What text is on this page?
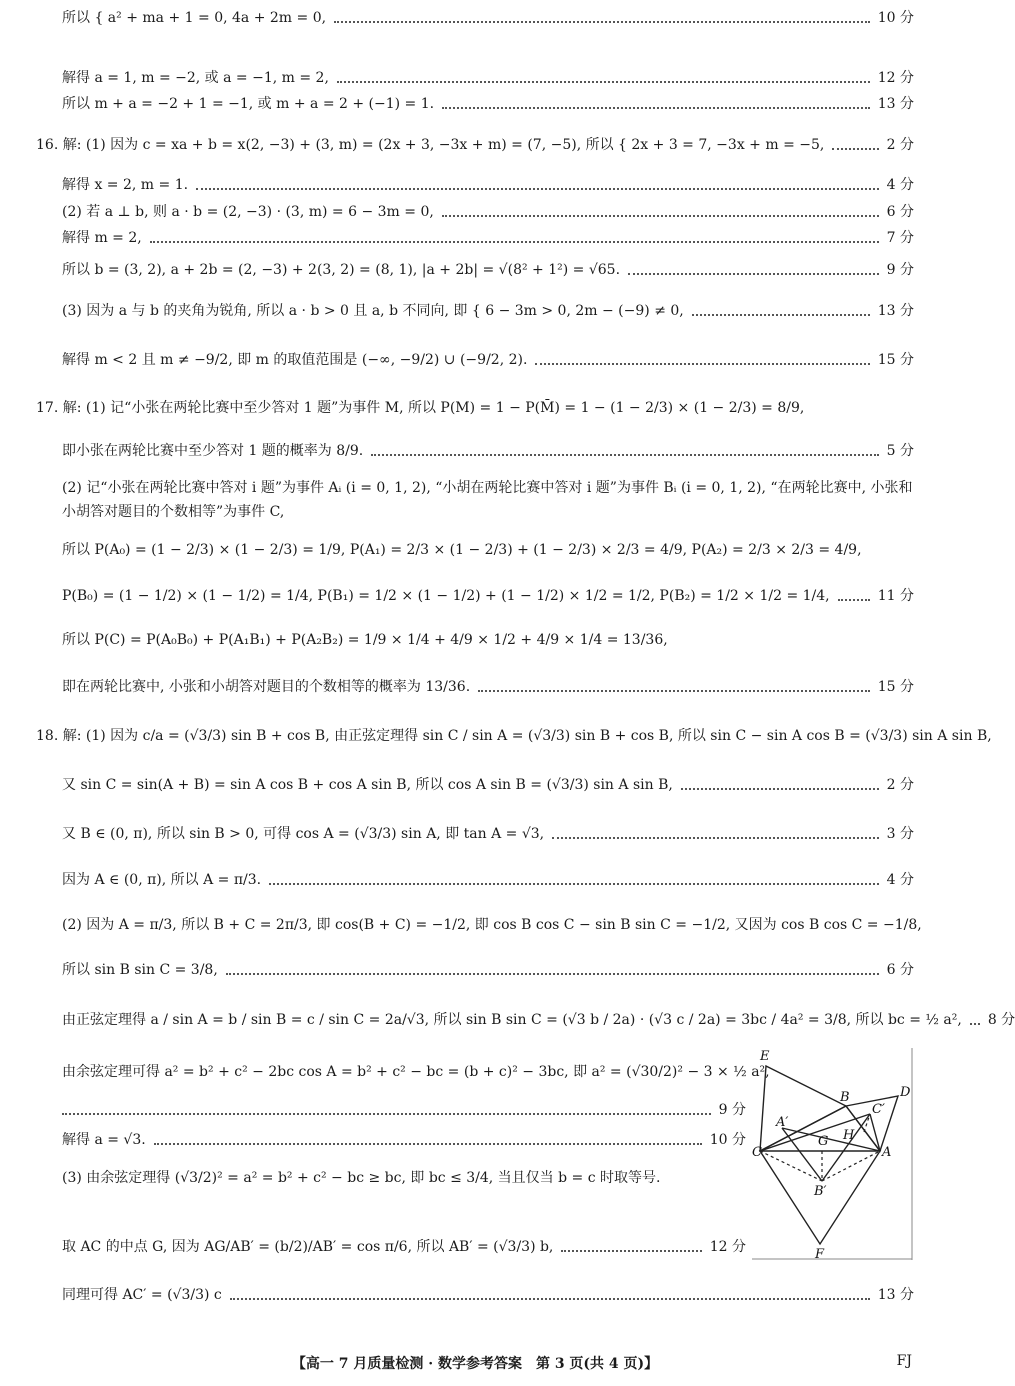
所以 { a² + ma + 1 = 0, 4a + 2m = 0,	10 分
解得 a = 1, m = −2, 或 a = −1, m = 2,	12 分
所以 m + a = −2 + 1 = −1, 或 m + a = 2 + (−1) = 1.	13 分
16. 解: (1) 因为 c = xa + b = x(2, −3) + (3, m) = (2x + 3, −3x + m) = (7, −5), 所以 { 2x + 3 = 7, −3x + m = −5,	2 分
解得 x = 2, m = 1.	4 分
(2) 若 a ⊥ b, 则 a · b = (2, −3) · (3, m) = 6 − 3m = 0,	6 分
解得 m = 2,	7 分
所以 b = (3, 2), a + 2b = (2, −3) + 2(3, 2) = (8, 1), |a + 2b| = √(8² + 1²) = √65.	9 分
(3) 因为 a 与 b 的夹角为锐角, 所以 a · b > 0 且 a, b 不同向, 即 { 6 − 3m > 0, 2m − (−9) ≠ 0,	13 分
解得 m < 2 且 m ≠ −9/2, 即 m 的取值范围是 (−∞, −9/2) ∪ (−9/2, 2).	15 分
17. 解: (1) 记“小张在两轮比赛中至少答对 1 题”为事件 M, 所以 P(M) = 1 − P(M̄) = 1 − (1 − 2/3) × (1 − 2/3) = 8/9,
即小张在两轮比赛中至少答对 1 题的概率为 8/9.	5 分
(2) 记“小张在两轮比赛中答对 i 题”为事件 Aᵢ (i = 0, 1, 2), “小胡在两轮比赛中答对 i 题”为事件 Bᵢ (i = 0, 1, 2), “在两轮比赛中, 小张和小胡答对题目的个数相等”为事件 C,
所以 P(A₀) = (1 − 2/3) × (1 − 2/3) = 1/9, P(A₁) = 2/3 × (1 − 2/3) + (1 − 2/3) × 2/3 = 4/9, P(A₂) = 2/3 × 2/3 = 4/9,
P(B₀) = (1 − 1/2) × (1 − 1/2) = 1/4, P(B₁) = 1/2 × (1 − 1/2) + (1 − 1/2) × 1/2 = 1/2, P(B₂) = 1/2 × 1/2 = 1/4,	11 分
所以 P(C) = P(A₀B₀) + P(A₁B₁) + P(A₂B₂) = 1/9 × 1/4 + 4/9 × 1/2 + 4/9 × 1/4 = 13/36,
即在两轮比赛中, 小张和小胡答对题目的个数相等的概率为 13/36.	15 分
18. 解: (1) 因为 c/a = (√3/3) sin B + cos B, 由正弦定理得 sin C / sin A = (√3/3) sin B + cos B, 所以 sin C − sin A cos B = (√3/3) sin A sin B,
又 sin C = sin(A + B) = sin A cos B + cos A sin B, 所以 cos A sin B = (√3/3) sin A sin B,	2 分
又 B ∈ (0, π), 所以 sin B > 0, 可得 cos A = (√3/3) sin A, 即 tan A = √3,	3 分
因为 A ∈ (0, π), 所以 A = π/3.	4 分
(2) 因为 A = π/3, 所以 B + C = 2π/3, 即 cos(B + C) = −1/2, 即 cos B cos C − sin B sin C = −1/2, 又因为 cos B cos C = −1/8,
所以 sin B sin C = 3/8,	6 分
由正弦定理得 a / sin A = b / sin B = c / sin C = 2a/√3, 所以 sin B sin C = (√3 b / 2a) · (√3 c / 2a) = 3bc / 4a² = 3/8, 所以 bc = ½ a², 8 分
由余弦定理可得 a² = b² + c² − 2bc cos A = b² + c² − bc = (b + c)² − 3bc, 即 a² = (√30/2)² − 3 × ½ a²,
9 分
解得 a = √3.	10 分
(3) 由余弦定理得 (√3/2)² = a² = b² + c² − bc ≥ bc, 即 bc ≤ 3/4, 当且仅当 b = c 时取等号.
取 AC 的中点 G, 因为 AG/AB′ = (b/2)/AB′ = cos π/6, 所以 AB′ = (√3/3) b,	12 分
同理可得 AC′ = (√3/3) c	13 分
E
D
B
A′
C′
G H
C	A
B′
F
【高一 7 月质量检测 · 数学参考答案　第 3 页(共 4 页)】	FJ
